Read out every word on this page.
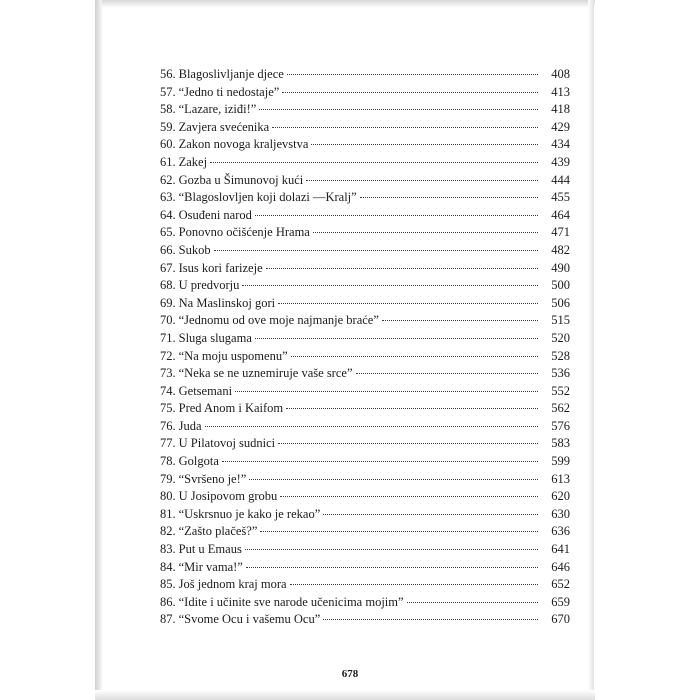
56. Blagoslivljanje djece	408
57. “Jedno ti nedostaje”	413
58. “Lazare, iziđi!”	418
59. Zavjera svećenika	429
60. Zakon novoga kraljevstva	434
61. Zakej	439
62. Gozba u Šimunovoj kući	444
63. “Blagoslovljen koji dolazi —Kralj”	455
64. Osuđeni narod	464
65. Ponovno očišćenje Hrama	471
66. Sukob	482
67. Isus kori farizeje	490
68. U predvorju	500
69. Na Maslinskoj gori	506
70. “Jednomu od ove moje najmanje braće”	515
71. Sluga slugama	520
72. “Na moju uspomenu”	528
73. “Neka se ne uznemiruje vaše srce”	536
74. Getsemani	552
75. Pred Anom i Kaifom	562
76. Juda	576
77. U Pilatovoj sudnici	583
78. Golgota	599
79. “Svršeno je!”	613
80. U Josipovom grobu	620
81. “Uskrsnuo je kako je rekao”	630
82. “Zašto plačeš?”	636
83. Put u Emaus	641
84. “Mir vama!”	646
85. Još jednom kraj mora	652
86. “Idite i učinite sve narode učenicima mojim”	659
87. “Svome Ocu i vašemu Ocu”	670
678
